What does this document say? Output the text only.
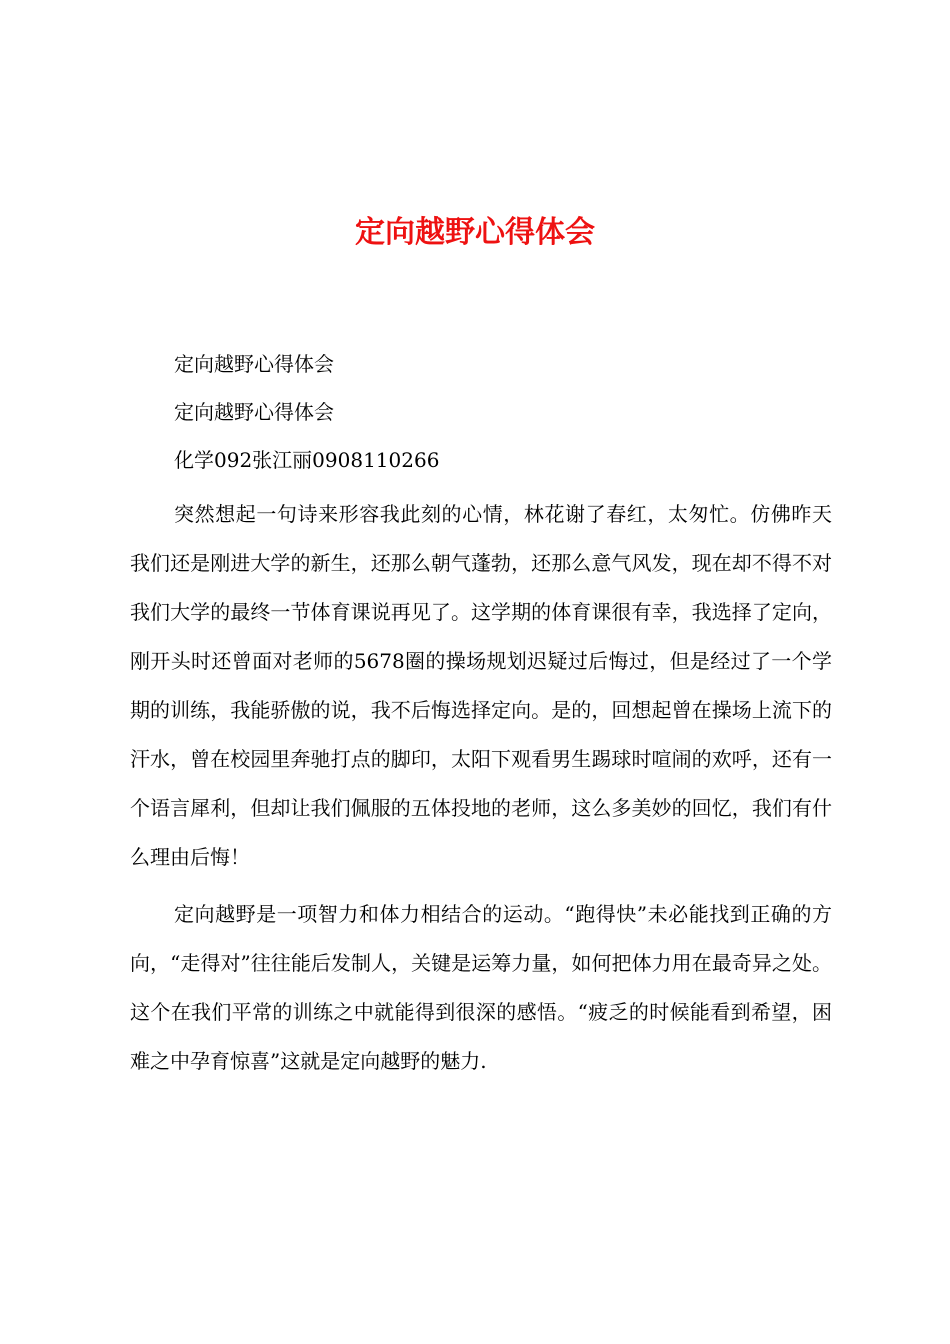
定向越野心得体会

定向越野心得体会

定向越野心得体会

化学092张江丽0908110266

突然想起一句诗来形容我此刻的心情，林花谢了春红，太匆忙。仿佛昨天我们还是刚进大学的新生，还那么朝气蓬勃，还那么意气风发，现在却不得不对我们大学的最终一节体育课说再见了。这学期的体育课很有幸，我选择了定向，刚开头时还曾面对老师的5678圈的操场规划迟疑过后悔过，但是经过了一个学期的训练，我能骄傲的说，我不后悔选择定向。是的，回想起曾在操场上流下的汗水，曾在校园里奔驰打点的脚印，太阳下观看男生踢球时喧闹的欢呼，还有一个语言犀利，但却让我们佩服的五体投地的老师，这么多美妙的回忆，我们有什么理由后悔！

定向越野是一项智力和体力相结合的运动。“跑得快”未必能找到正确的方向，“走得对”往往能后发制人，关键是运筹力量，如何把体力用在最奇异之处。这个在我们平常的训练之中就能得到很深的感悟。“疲乏的时候能看到希望，困难之中孕育惊喜”这就是定向越野的魅力.
